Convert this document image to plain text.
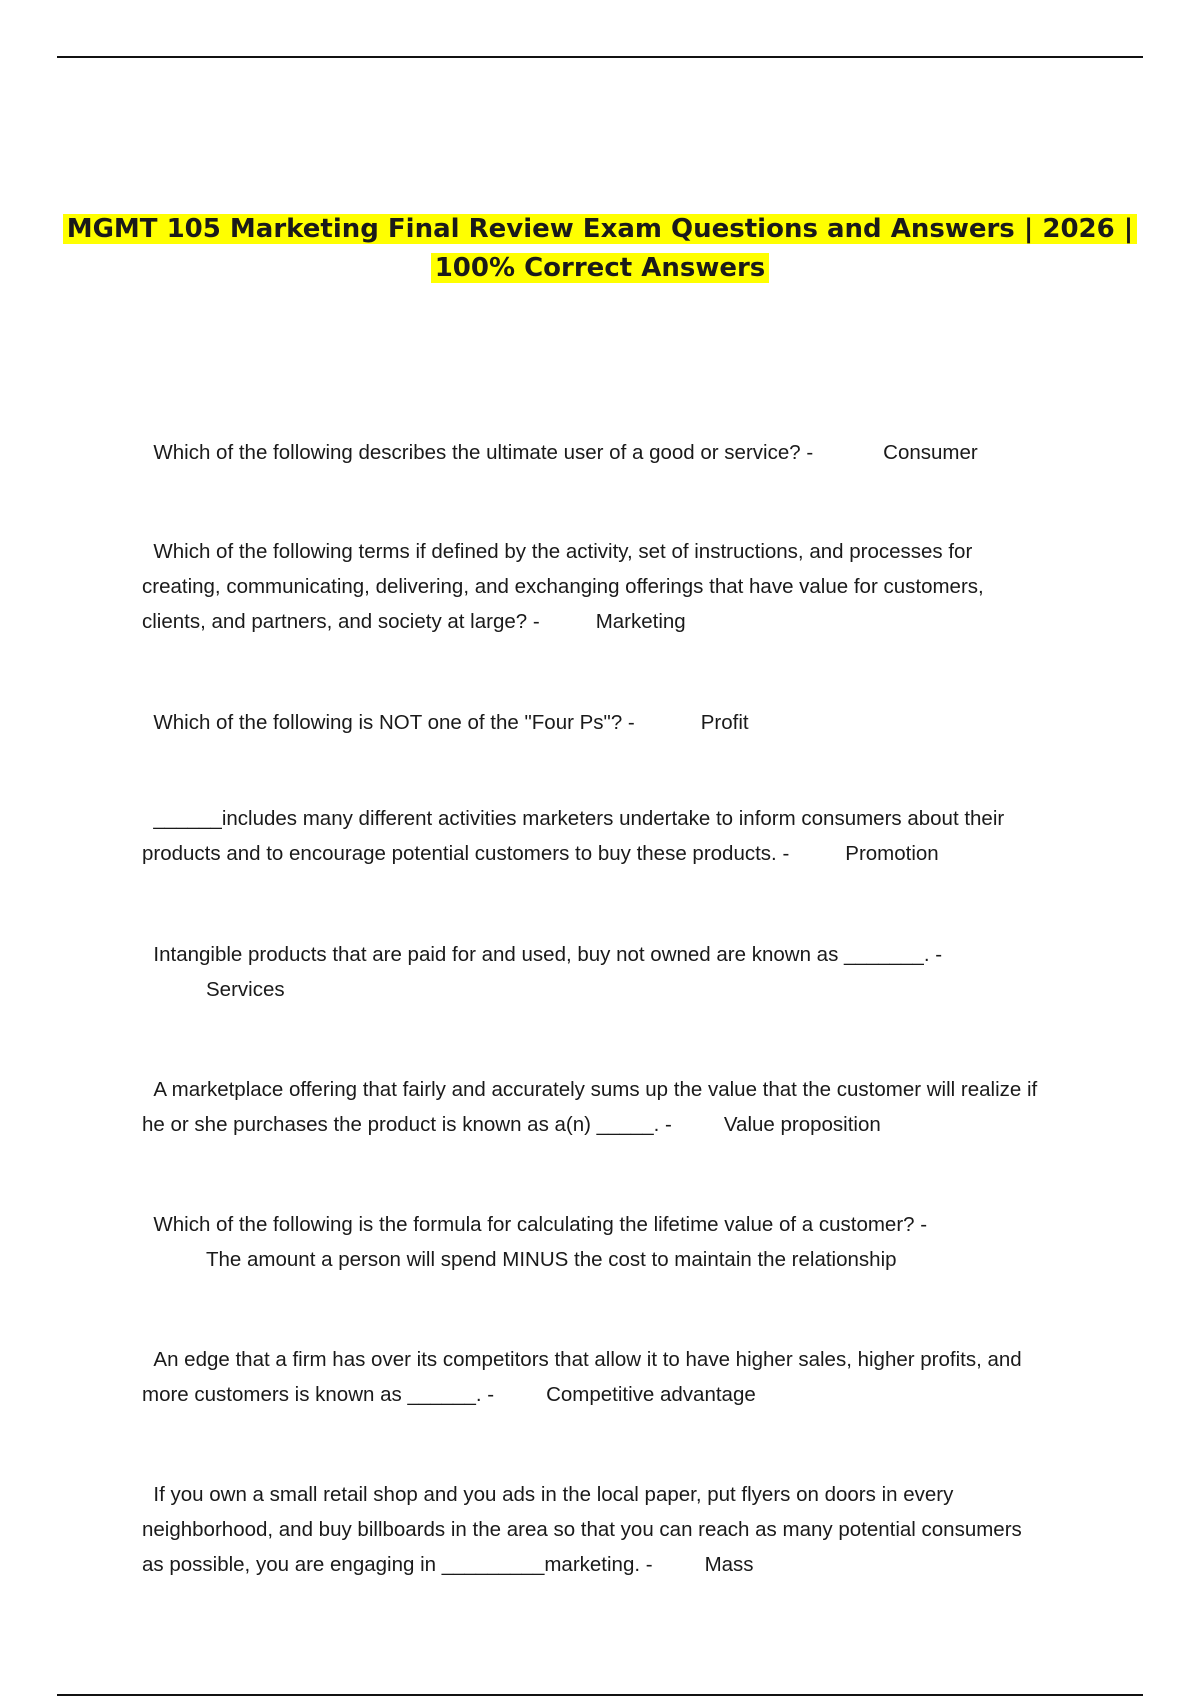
MGMT 105 Marketing Final Review Exam Questions and Answers | 2026 | 100% Correct Answers

Which of the following describes the ultimate user of a good or service? -	Consumer

Which of the following terms if defined by the activity, set of instructions, and processes for creating, communicating, delivering, and exchanging offerings that have value for customers, clients, and partners, and society at large? -	Marketing

Which of the following is NOT one of the "Four Ps"? -	Profit

______includes many different activities marketers undertake to inform consumers about their products and to encourage potential customers to buy these products. -	Promotion

Intangible products that are paid for and used, buy not owned are known as _______. -
Services

A marketplace offering that fairly and accurately sums up the value that the customer will realize if he or she purchases the product is known as a(n) _____. -	Value proposition

Which of the following is the formula for calculating the lifetime value of a customer? -
The amount a person will spend MINUS the cost to maintain the relationship

An edge that a firm has over its competitors that allow it to have higher sales, higher profits, and more customers is known as ______. -	Competitive advantage

If you own a small retail shop and you ads in the local paper, put flyers on doors in every neighborhood, and buy billboards in the area so that you can reach as many potential consumers as possible, you are engaging in _________marketing. -	Mass
